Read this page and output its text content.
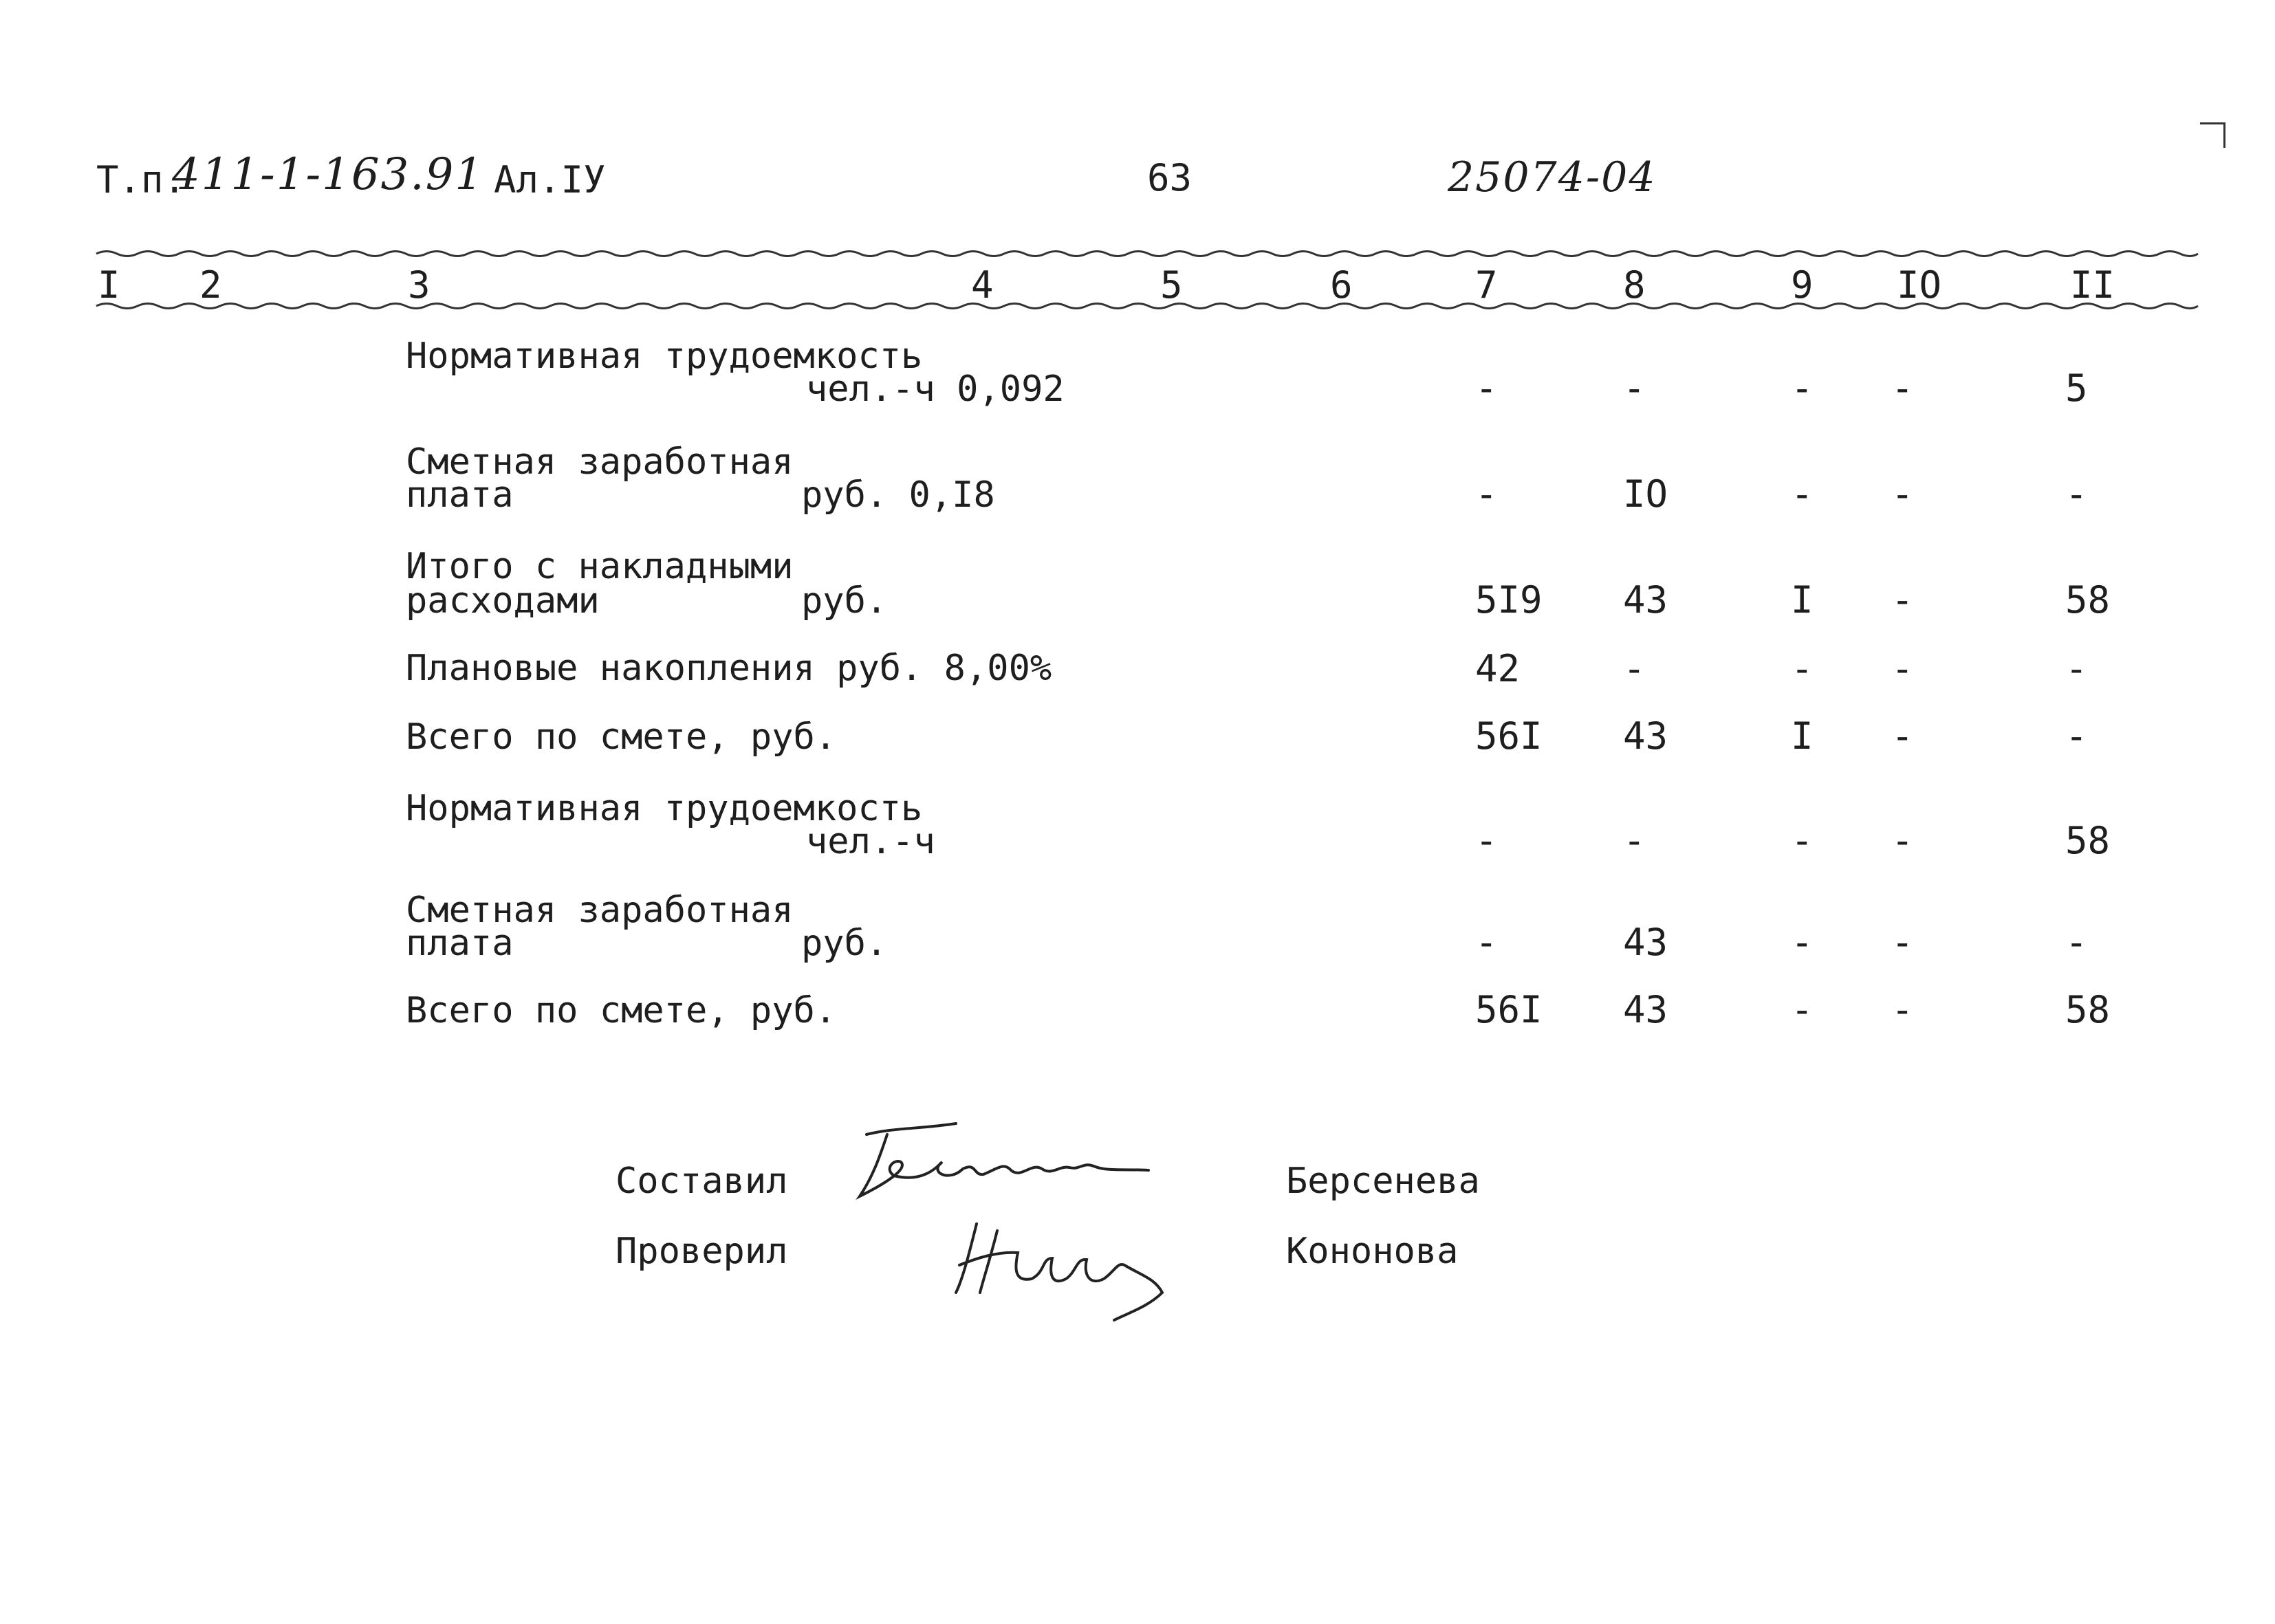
Т.п.
411-1-163.91 Ал.IУ	63	25074-04
I 2	3	4	5	6	7	8	9 IO	II
Нормативная трудоемкость
чел.-ч 0,092	-	-	- -	5
Сметная заработная
плата	руб. 0,I8	-	IO	- -	-
Итого с накладными
расходами	руб.	5I9 43	I -	58
Плановые накопления руб. 8,00%	42	-	- -	-
Всего по смете, руб.	56I 43	I -	-
Нормативная трудоемкость
чел.-ч	-	-	- -	58
Сметная заработная
плата	руб.	-	43	- -	-
Всего по смете, руб.	56I 43	- -	58
Составил	Берсенева
Проверил	Кононова
